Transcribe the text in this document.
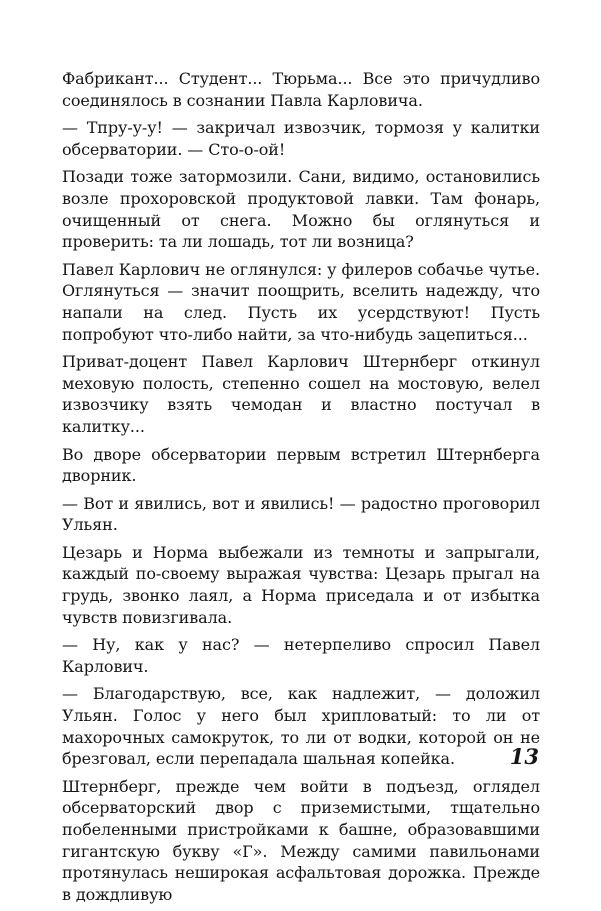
Фабрикант... Студент... Тюрьма... Все это причудливо соединялось в сознании Павла Карловича.

— Тпру-у-у! — закричал извозчик, тормозя у калитки обсерватории. — Сто-о-ой!

Позади тоже затормозили. Сани, видимо, остановились возле прохоровской продуктовой лавки. Там фонарь, очищенный от снега. Можно бы оглянуться и проверить: та ли лошадь, тот ли возница?

Павел Карлович не оглянулся: у филеров собачье чутье. Оглянуться — значит поощрить, вселить надежду, что напали на след. Пусть их усердствуют! Пусть попробуют что-либо найти, за что-нибудь зацепиться...

Приват-доцент Павел Карлович Штернберг откинул меховую полость, степенно сошел на мостовую, велел извозчику взять чемодан и властно постучал в калитку...

Во дворе обсерватории первым встретил Штернберга дворник.

— Вот и явились, вот и явились! — радостно проговорил Ульян.

Цезарь и Норма выбежали из темноты и запрыгали, каждый по-своему выражая чувства: Цезарь прыгал на грудь, звонко лаял, а Норма приседала и от избытка чувств повизгивала.

— Ну, как у нас? — нетерпеливо спросил Павел Карлович.

— Благодарствую, все, как надлежит, — доложил Ульян. Голос у него был хрипловатый: то ли от махорочных самокруток, то ли от водки, которой он не брезговал, если перепадала шальная копейка.

Штернберг, прежде чем войти в подъезд, оглядел обсерваторский двор с приземистыми, тщательно побеленными пристройками к башне, образовавшими гигантскую букву «Г». Между самими павильонами протянулась неширокая асфальтовая дорожка. Прежде в дождливую

13
